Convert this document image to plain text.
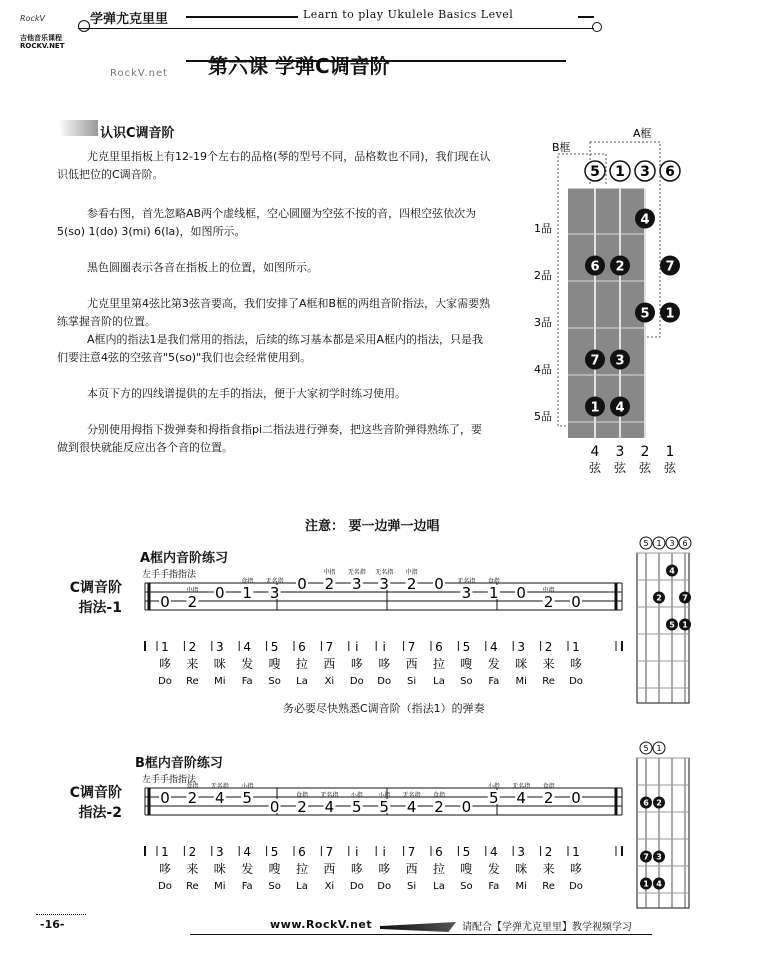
RockV
吉他音乐课程
ROCKV.NET
学弹尤克里里	Learn to play Ukulele Basics Level
第六课 学弹C调音阶
RockV.net
认识C调音阶

尤克里里指板上有12-19个左右的品格(琴的型号不同，品格数也不同)，我们现在认识低把位的C调音阶。

参看右图，首先忽略AB两个虚线框，空心圆圈为空弦不按的音，四根空弦依次为 5(so) 1(do) 3(mi) 6(la)，如图所示。

黑色圆圈表示各音在指板上的位置，如图所示。

尤克里里第4弦比第3弦音要高，我们安排了A框和B框的两组音阶指法，大家需要熟练掌握音阶的位置。

A框内的指法1是我们常用的指法，后续的练习基本都是采用A框内的指法，只是我们要注意4弦的空弦音"5(so)"我们也会经常使用到。

本页下方的四线谱提供的左手的指法，便于大家初学时练习使用。

分别使用拇指下拨弹奏和拇指食指pi二指法进行弹奏，把这些音阶弹得熟练了，要做到很快就能反应出各个音的位置。

A框
B框
5 1 3 6
1品
2品
3品
4品
5品
4
6 2	7
5 1
7 3
1 4
4
弦
3
弦
2
弦
1
弦
注意： 要一边弹一边唱
A框内音阶练习
C调音阶
指法-1	0 2
中指 0 1
食指
3
无名指 0 2
中指
3
无名指
3
无名指
2
中指
0 3
无名指
1
食指
0 2
中指
0
左手手指指法
1
哆
Do
2
来
Re
3
咪
Mi
4
发
Fa
5
嗖
So
6
拉
La
7
西
Xi
i
哆
Do
i
哆
Do
7
西
Si
6
拉
La
5
嗖
So
4
发
Fa
3
咪
Mi
2
来
Re
1
哆
Do
5 1 3 6
4
2	7
5 1
务必要尽快熟悉C调音阶（指法1）的弹奏
B框内音阶练习
C调音阶
指法-2
0 2
食指
4
无名指
5
小指
0 2
食指
4
无名指
5
小指
5
小指
4
无名指
2
食指
0 5
小指
4
无名指
2
食指
0
左手手指指法
1
哆
Do
2
来
Re
3
咪
Mi
4
发
Fa
5
嗖
So
6
拉
La
7
西
Xi
i
哆
Do
i
哆
Do
7
西
Si
6
拉
La
5
嗖
So
4
发
Fa
3
咪
Mi
2
来
Re
1
哆
Do
5 1
6 2
7 3
1 4
-16-	www.RockV.net	请配合【学弹尤克里里】教学视频学习
